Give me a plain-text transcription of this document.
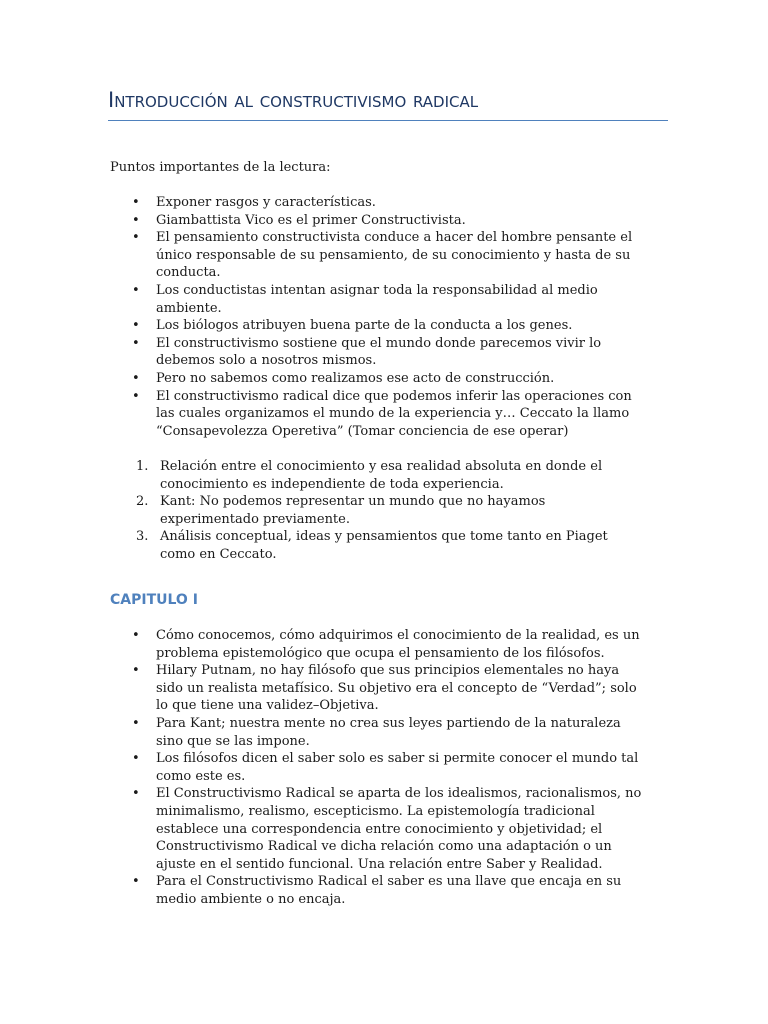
Introducción al constructivismo radical

Puntos importantes de la lectura:

• Exponer rasgos y características.
• Giambattista Vico es el primer Constructivista.
• El pensamiento constructivista conduce a hacer del hombre pensante el único responsable de su pensamiento, de su conocimiento y hasta de su conducta.
• Los conductistas intentan asignar toda la responsabilidad al medio ambiente.
• Los biólogos atribuyen buena parte de la conducta a los genes.
• El constructivismo sostiene que el mundo donde parecemos vivir lo debemos solo a nosotros mismos.
• Pero no sabemos como realizamos ese acto de construcción.
• El constructivismo radical dice que podemos inferir las operaciones con las cuales organizamos el mundo de la experiencia y… Ceccato la llamo “Consapevolezza Operetiva” (Tomar conciencia de ese operar)
1. Relación entre el conocimiento y esa realidad absoluta en donde el conocimiento es independiente de toda experiencia.
2. Kant: No podemos representar un mundo que no hayamos experimentado previamente.
3. Análisis conceptual, ideas y pensamientos que tome tanto en Piaget como en Ceccato.
CAPITULO I
• Cómo conocemos, cómo adquirimos el conocimiento de la realidad, es un problema epistemológico que ocupa el pensamiento de los filósofos.
• Hilary Putnam, no hay filósofo que sus principios elementales no haya sido un realista metafísico. Su objetivo era el concepto de “Verdad”; solo lo que tiene una validez–Objetiva.
• Para Kant; nuestra mente no crea sus leyes partiendo de la naturaleza sino que se las impone.
• Los filósofos dicen el saber solo es saber si permite conocer el mundo tal como este es.
• El Constructivismo Radical se aparta de los idealismos, racionalismos, no minimalismo, realismo, escepticismo. La epistemología tradicional establece una correspondencia entre conocimiento y objetividad; el Constructivismo Radical ve dicha relación como una adaptación o un ajuste en el sentido funcional. Una relación entre Saber y Realidad.
• Para el Constructivismo Radical el saber es una llave que encaja en su medio ambiente o no encaja.
